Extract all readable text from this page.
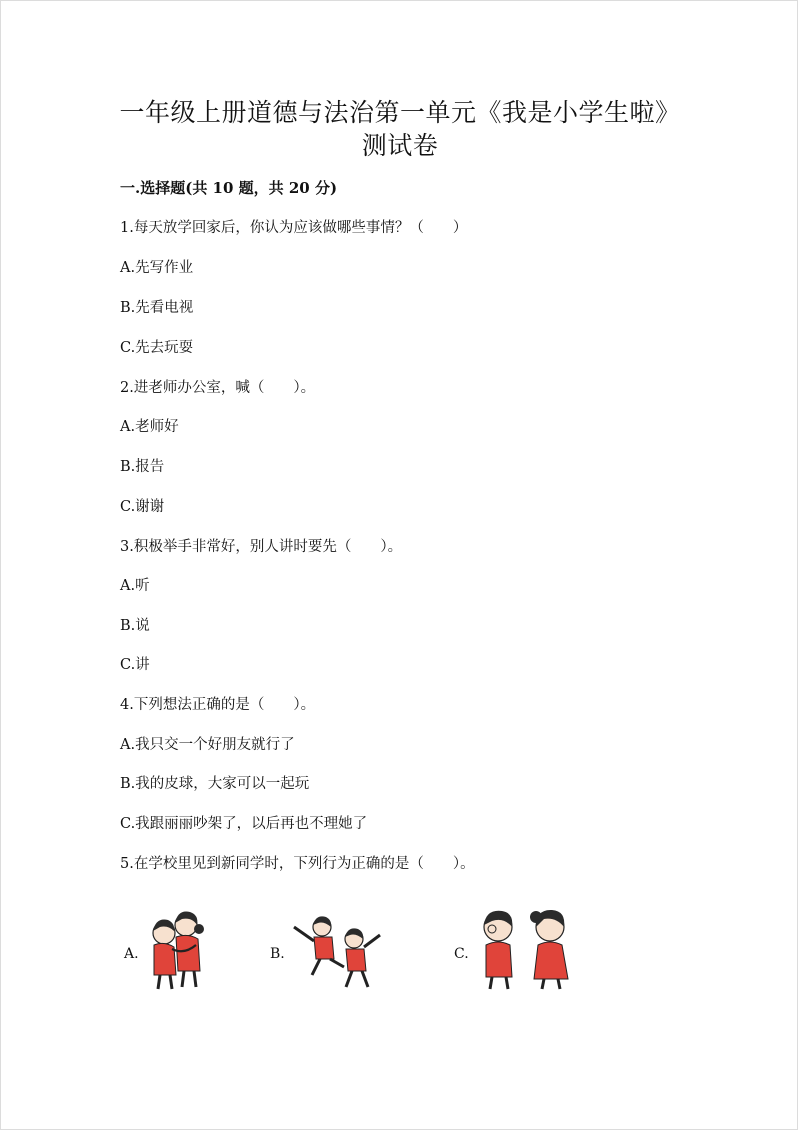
一年级上册道德与法治第一单元《我是小学生啦》
测试卷
一.选择题(共 10 题，共 20 分)
1.每天放学回家后，你认为应该做哪些事情？（　　）
A.先写作业
B.先看电视
C.先去玩耍
2.进老师办公室，喊（　　）。
A.老师好
B.报告
C.谢谢
3.积极举手非常好，别人讲时要先（　　）。
A.听
B.说
C.讲
4.下列想法正确的是（　　）。
A.我只交一个好朋友就行了
B.我的皮球，大家可以一起玩
C.我跟丽丽吵架了，以后再也不理她了
5.在学校里见到新同学时，下列行为正确的是（　　）。
A.	B.	C.
